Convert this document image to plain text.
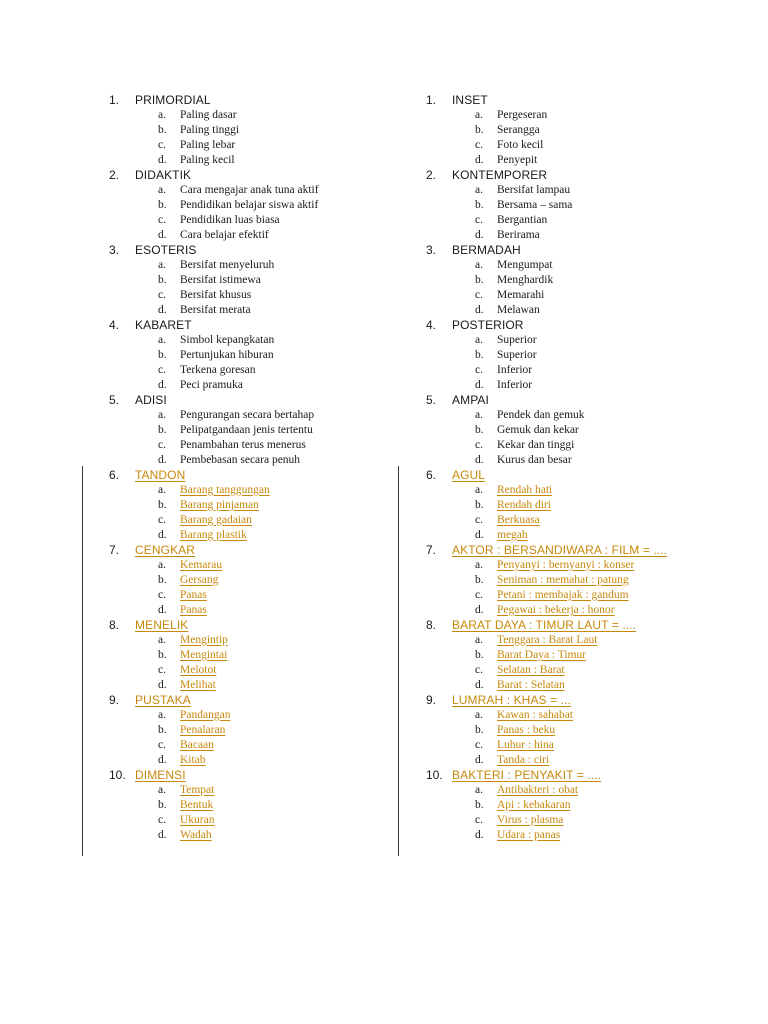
1.	PRIMORDIAL
a.	Paling dasar
b.	Paling tinggi
c.	Paling lebar
d.	Paling kecil
2.	DIDAKTIK
a.	Cara mengajar anak tuna aktif
b.	Pendidikan belajar siswa aktif
c.	Pendidikan luas biasa
d.	Cara belajar efektif
3.	ESOTERIS
a.	Bersifat menyeluruh
b.	Bersifat istimewa
c.	Bersifat khusus
d.	Bersifat merata
4.	KABARET
a.	Simbol kepangkatan
b.	Pertunjukan hiburan
c.	Terkena goresan
d.	Peci pramuka
5.	ADISI
a.	Pengurangan secara bertahap
b.	Pelipatgandaan jenis tertentu
c.	Penambahan terus menerus
d.	Pembebasan secara penuh
6.	TANDON
a.	Barang tanggungan
b.	Barang pinjaman
c.	Barang gadaian
d.	Barang plastik
7.	CENGKAR
a.	Kemarau
b.	Gersang
c.	Panas
d.	Panas
8.	MENELIK
a.	Mengintip
b.	Mengintai
c.	Melotot
d.	Melihat
9.	PUSTAKA
a.	Pandangan
b.	Penalaran
c.	Bacaan
d.	Kitab
10. DIMENSI
a.	Tempat
b.	Bentuk
c.	Ukuran
d.	Wadah
1.	INSET
a.	Pergeseran
b.	Serangga
c.	Foto kecil
d.	Penyepit
2.	KONTEMPORER
a.	Bersifat lampau
b.	Bersama – sama
c.	Bergantian
d.	Berirama
3.	BERMADAH
a.	Mengumpat
b.	Menghardik
c.	Memarahi
d.	Melawan
4.	POSTERIOR
a.	Superior
b.	Superior
c.	Inferior
d.	Inferior
5.	AMPAI
a.	Pendek dan gemuk
b.	Gemuk dan kekar
c.	Kekar dan tinggi
d.	Kurus dan besar
6.	AGUL
a.	Rendah hati
b.	Rendah diri
c.	Berkuasa
d.	megah
7.	AKTOR : BERSANDIWARA : FILM = ....
a.	Penyanyi : bernyanyi : konser
b.	Seniman : memahat : patung
c.	Petani : membajak : gandum
d.	Pegawai : bekerja : honor
8.	BARAT DAYA : TIMUR LAUT = ....
a.	Tenggara : Barat Laut
b.	Barat Daya : Timur
c.	Selatan : Barat
d.	Barat : Selatan
9.	LUMRAH : KHAS = ...
a.	Kawan : sahabat
b.	Panas : beku
c.	Luhur : hina
d.	Tanda : ciri
10. BAKTERI : PENYAKIT = ....
a.	Antibakteri : obat
b.	Api : kebakaran
c.	Virus : plasma
d.	Udara : panas
